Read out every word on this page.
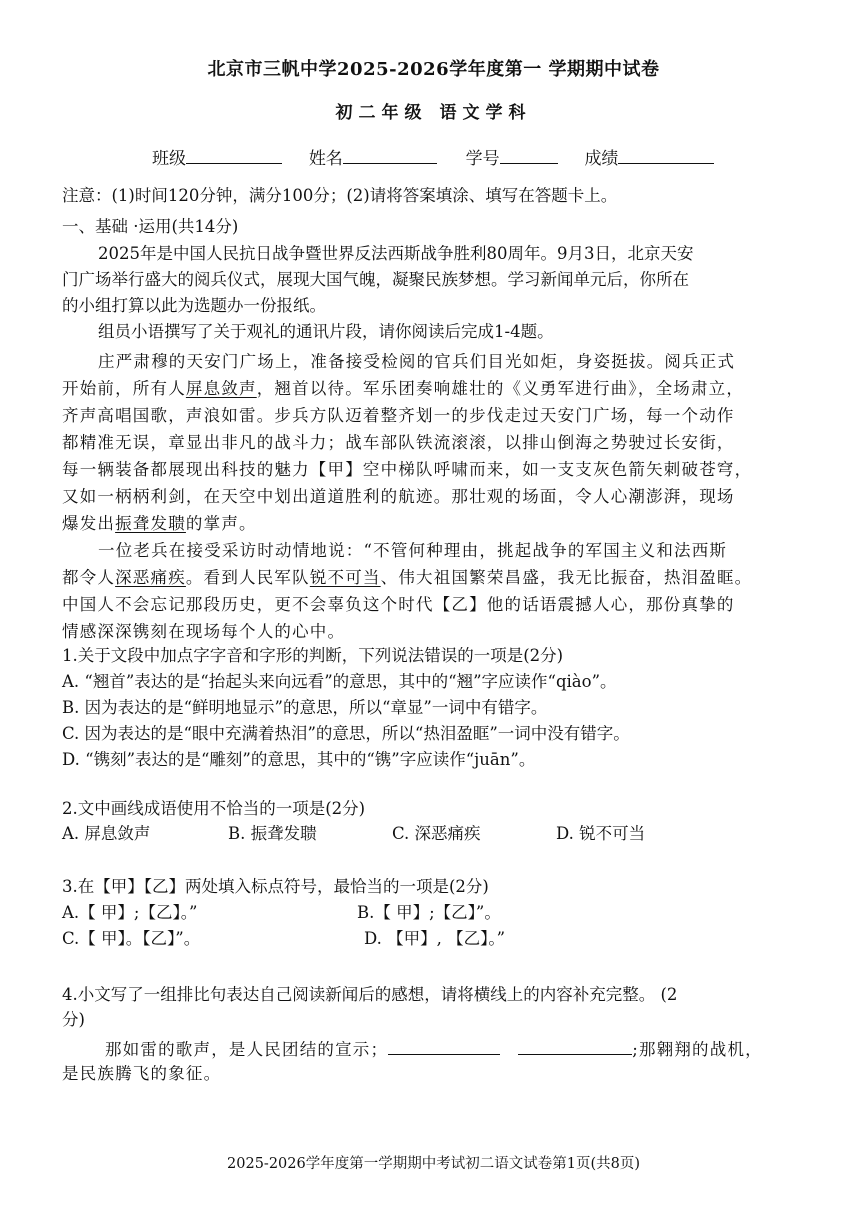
北京市三帆中学2025-2026学年度第一 学期期中试卷
初二年级 语文学科
班级	姓名	学号	成绩
注意：(1)时间120分钟，满分100分；(2)请将答案填涂、填写在答题卡上。
一、基础 ·运用(共14分)
2025年是中国人民抗日战争暨世界反法西斯战争胜利80周年。9月3日，北京天安
门广场举行盛大的阅兵仪式，展现大国气魄，凝聚民族梦想。学习新闻单元后，你所在
的小组打算以此为选题办一份报纸。
组员小语撰写了关于观礼的通讯片段，请你阅读后完成1-4题。
庄严肃穆的天安门广场上，准备接受检阅的官兵们目光如炬，身姿挺拔。阅兵正式
开始前，所有人屏息敛声，翘首以待。军乐团奏响雄壮的《义勇军进行曲》，全场肃立，
齐声高唱国歌，声浪如雷。步兵方队迈着整齐划一的步伐走过天安门广场，每一个动作
都精准无误，章显出非凡的战斗力；战车部队铁流滚滚，以排山倒海之势驶过长安街，
每一辆装备都展现出科技的魅力【甲】空中梯队呼啸而来，如一支支灰色箭矢刺破苍穹，
又如一柄柄利剑，在天空中划出道道胜利的航迹。那壮观的场面，令人心潮澎湃，现场
爆发出振聋发聩的掌声。
一位老兵在接受采访时动情地说：“不管何种理由，挑起战争的军国主义和法西斯
都令人深恶痛疾。看到人民军队锐不可当、伟大祖国繁荣昌盛，我无比振奋，热泪盈眶。
中国人不会忘记那段历史，更不会辜负这个时代【乙】他的话语震撼人心，那份真挚的
情感深深镌刻在现场每个人的心中。
1.关于文段中加点字字音和字形的判断，下列说法错误的一项是(2分)
A. “翘首”表达的是“抬起头来向远看”的意思，其中的“翘”字应读作“qiào”。
B. 因为表达的是“鲜明地显示”的意思，所以“章显”一词中有错字。
C. 因为表达的是“眼中充满着热泪”的意思，所以“热泪盈眶”一词中没有错字。
D. “镌刻”表达的是“雕刻”的意思，其中的“镌”字应读作“juān”。
2.文中画线成语使用不恰当的一项是(2分)
A. 屏息敛声	B. 振聋发聩	C. 深恶痛疾	D. 锐不可当
3.在【甲】【乙】两处填入标点符号，最恰当的一项是(2分)
A.【 甲】;【乙】。”	B.【 甲】;【乙】”。
C.【 甲】。【乙】”。	D. 【甲】, 【乙】。”
4.小文写了一组排比句表达自己阅读新闻后的感想，请将横线上的内容补充完整。 (2
分)
那如雷的歌声，是人民团结的宣示；	;那翱翔的战机，
是民族腾飞的象征。
2025-2026学年度第一学期期中考试初二语文试卷第1页(共8页)
